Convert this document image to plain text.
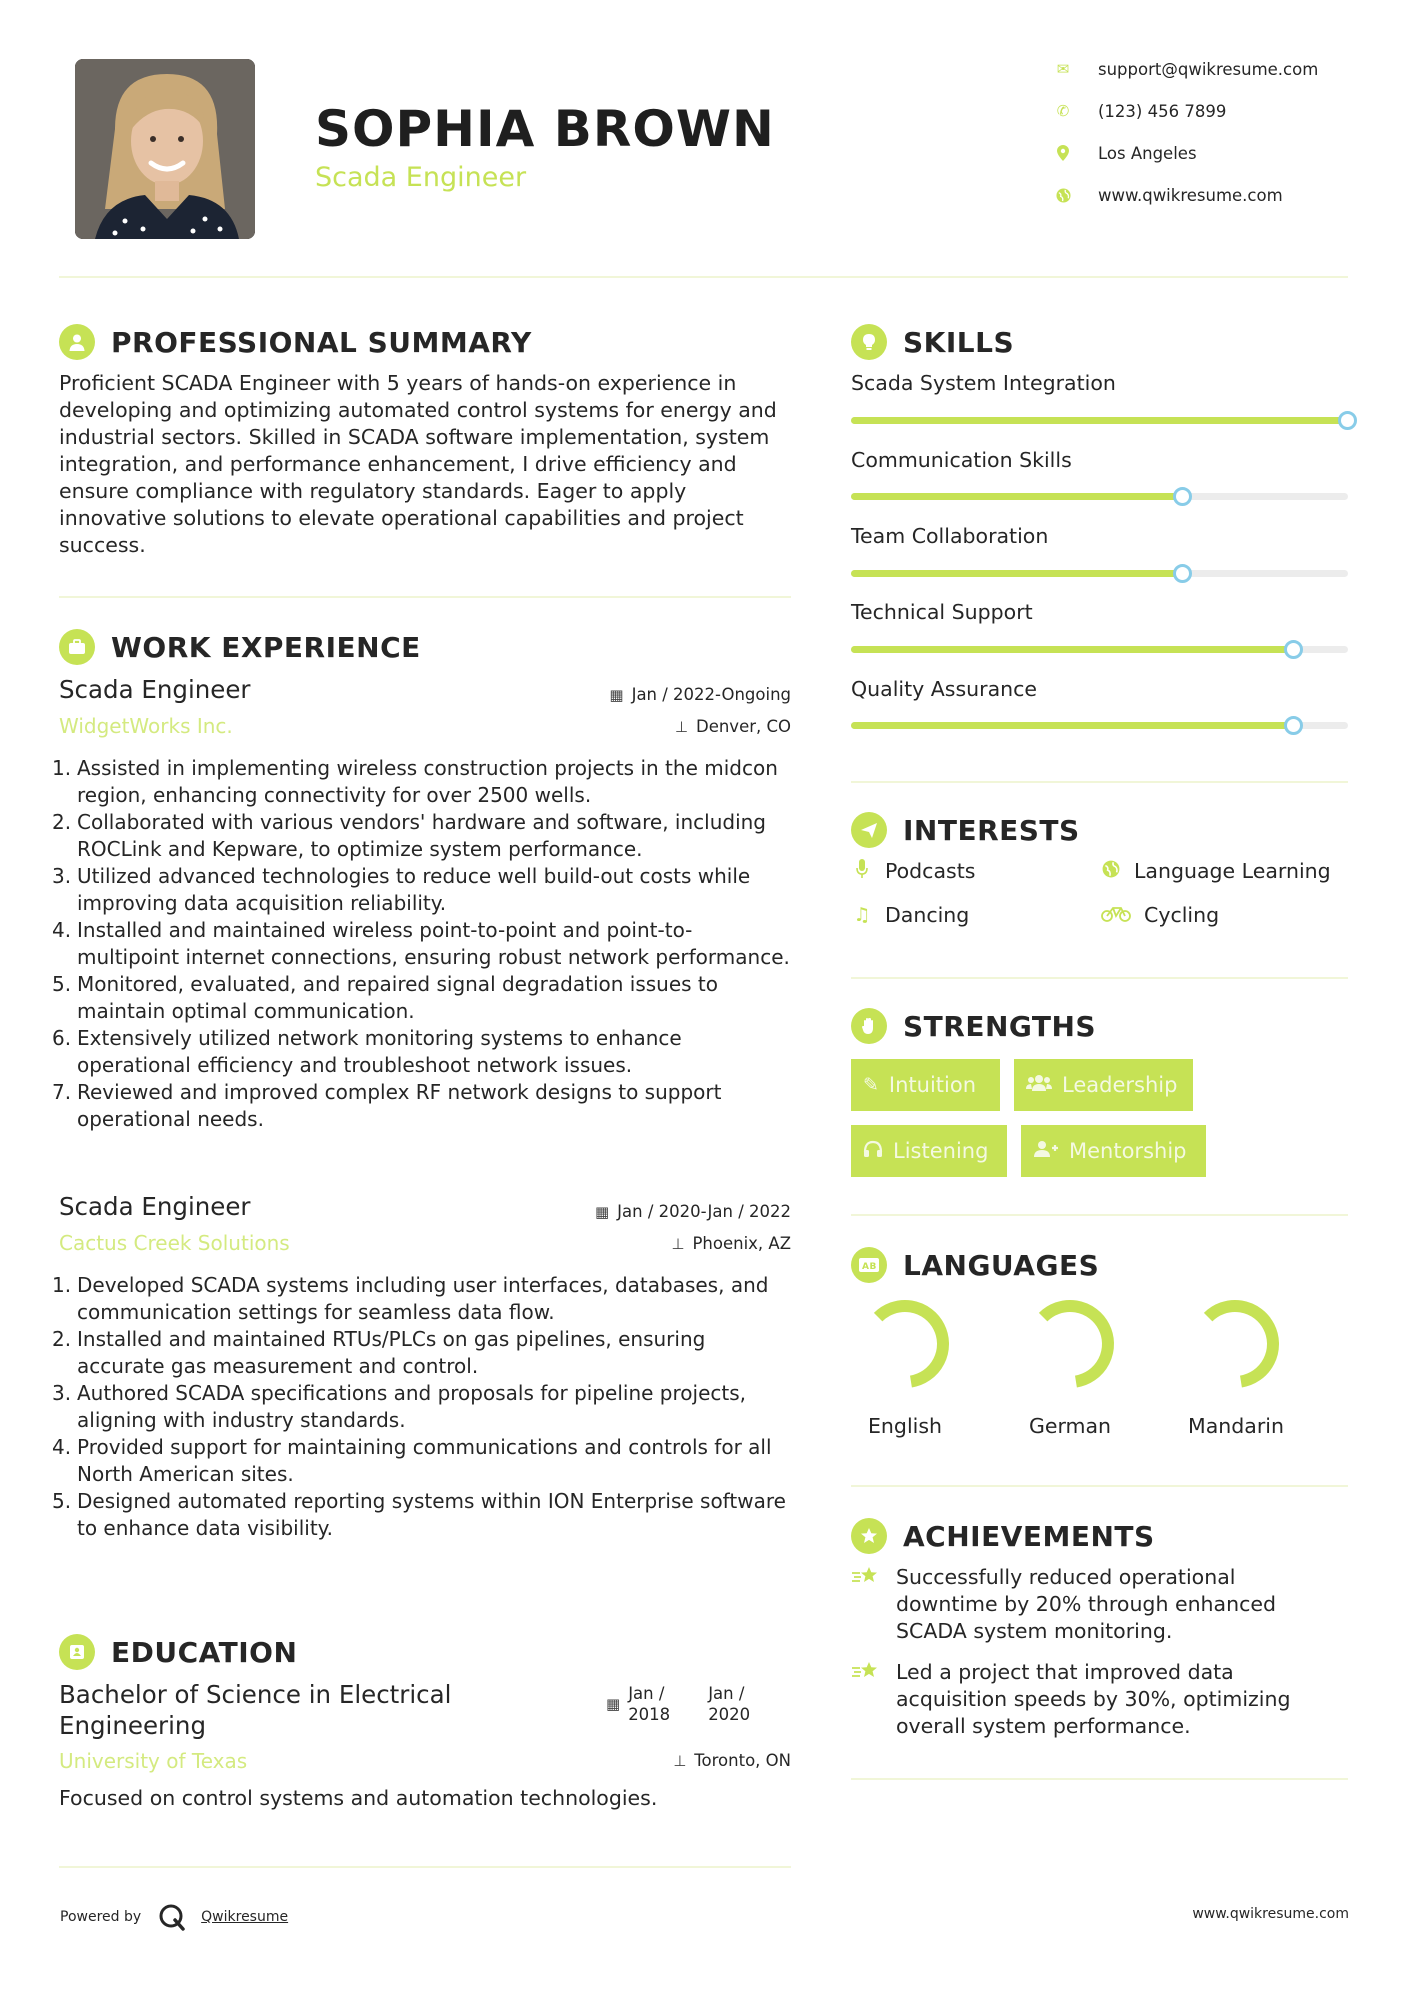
SOPHIA BROWN
Scada Engineer
✉ support@qwikresume.com
✆ (123) 456 7899
Los Angeles
www.qwikresume.com
PROFESSIONAL SUMMARY
Proficient SCADA Engineer with 5 years of hands-on experience in developing and optimizing automated control systems for energy and industrial sectors. Skilled in SCADA software implementation, system integration, and performance enhancement, I drive efficiency and ensure compliance with regulatory standards. Eager to apply innovative solutions to elevate operational capabilities and project success.
WORK EXPERIENCE
Scada Engineer
WidgetWorks Inc.
▦ Jan / 2022-Ongoing
⊥ Denver, CO
1. Assisted in implementing wireless construction projects in the midcon region, enhancing connectivity for over 2500 wells.
2. Collaborated with various vendors' hardware and software, including ROCLink and Kepware, to optimize system performance.
3. Utilized advanced technologies to reduce well build-out costs while improving data acquisition reliability.
4. Installed and maintained wireless point-to-point and point-to-multipoint internet connections, ensuring robust network performance.
5. Monitored, evaluated, and repaired signal degradation issues to maintain optimal communication.
6. Extensively utilized network monitoring systems to enhance operational efficiency and troubleshoot network issues.
7. Reviewed and improved complex RF network designs to support operational needs.
Scada Engineer
Cactus Creek Solutions
▦ Jan / 2020-Jan / 2022
⊥ Phoenix, AZ
1. Developed SCADA systems including user interfaces, databases, and communication settings for seamless data flow.
2. Installed and maintained RTUs/PLCs on gas pipelines, ensuring accurate gas measurement and control.
3. Authored SCADA specifications and proposals for pipeline projects, aligning with industry standards.
4. Provided support for maintaining communications and controls for all North American sites.
5. Designed automated reporting systems within ION Enterprise software to enhance data visibility.
EDUCATION
Bachelor of Science in Electrical
Engineering
University of Texas
▦
Jan /
2018
Jan /
2020
⊥ Toronto, ON
Focused on control systems and automation technologies.
SKILLS
Scada System Integration
Communication Skills
Team Collaboration
Technical Support
Quality Assurance
INTERESTS
Podcasts	Language Learning
♫ Dancing	Cycling
STRENGTHS
✎ Intuition	Leadership
Listening	Mentorship
AB LANGUAGES
English	German	Mandarin
ACHIEVEMENTS
Successfully reduced operational downtime by 20% through enhanced SCADA system monitoring.
Led a project that improved data acquisition speeds by 30%, optimizing overall system performance.
Powered by	Qwikresume	www.qwikresume.com
